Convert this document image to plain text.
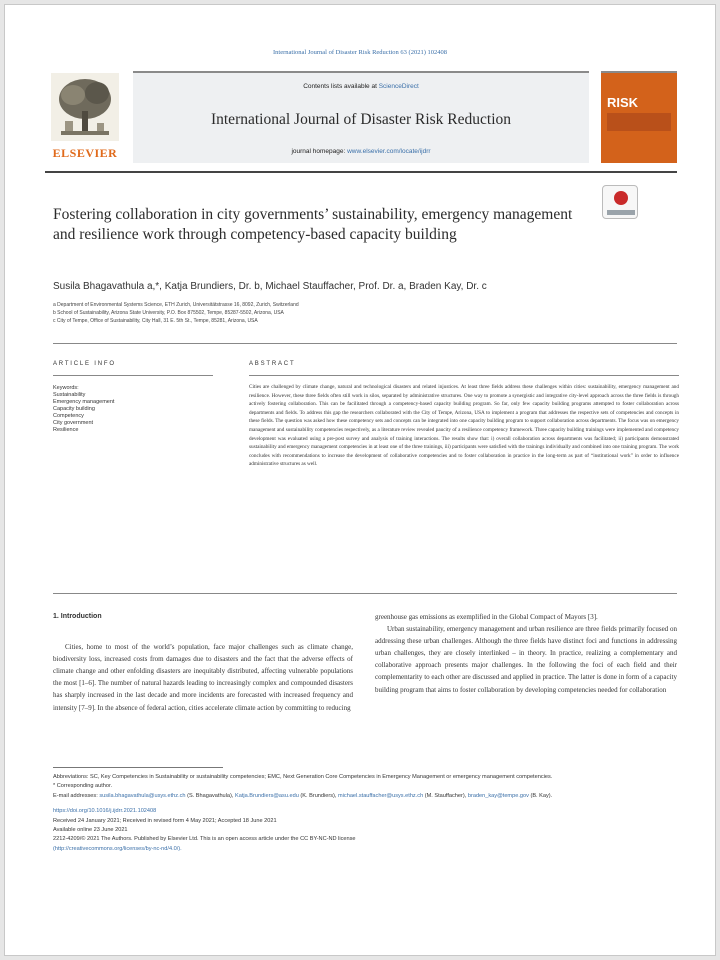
International Journal of Disaster Risk Reduction 63 (2021) 102408
ELSEVIER
Contents lists available at ScienceDirect
International Journal of Disaster Risk Reduction
journal homepage: www.elsevier.com/locate/ijdrr
RISK
Fostering collaboration in city governments’ sustainability, emergency management and resilience work through competency-based capacity building
Susila Bhagavathula a,*, Katja Brundiers, Dr. b, Michael Stauffacher, Prof. Dr. a, Braden Kay, Dr. c
a Department of Environmental Systems Science, ETH Zurich, Universitätstrasse 16, 8092, Zurich, Switzerland
b School of Sustainability, Arizona State University, P.O. Box 875502, Tempe, 85287-5502, Arizona, USA
c City of Tempe, Office of Sustainability, City Hall, 31 E. 5th St., Tempe, 85281, Arizona, USA
ARTICLE INFO	ABSTRACT
Keywords:
Sustainability
Emergency management
Capacity building
Competency
City government
Resilience
Cities are challenged by climate change, natural and technological disasters and related injustices. At least three fields address these challenges within cities: sustainability, emergency management and resilience. However, these three fields often still work in silos, separated by administrative structures. One way to promote a synergistic and integrative city-level approach across the three fields is through actively fostering collaboration. This can be facilitated through a competency-based capacity building program. So far, only few capacity building programs attempted to foster collaboration across departments and fields. To address this gap the researchers collaborated with the City of Tempe, Arizona, USA to implement a program that addresses the respective sets of competencies and concepts in these fields. The question was asked how these competency sets and concepts can be integrated into one capacity building program to support collaboration across departments. The focus was on emergency management and sustainability competencies respectively, as a literature review revealed paucity of a resilience competency framework. Three capacity building trainings were implemented and competency development was evaluated using a pre-post survey and analysis of training interactions. The results show that: i) overall collaboration across departments was facilitated; ii) participants demonstrated sustainability and emergency management competencies in at least one of the three trainings, iii) participants were satisfied with the trainings individually and combined into one training program. The work concludes with recommendations to increase the development of collaborative competencies and to foster collaboration in practice in the long-term as part of “institutional work” in order to influence administrative structures as well.
1. Introduction
Cities, home to most of the world’s population, face major challenges such as climate change, biodiversity loss, increased costs from damages due to disasters and the fact that the adverse effects of climate change and other enfolding disasters are inequitably distributed, affecting vulnerable populations the most [1–6]. The number of natural hazards leading to increasingly complex and compounded disasters has sharply increased in the last decade and more incidents are forecasted with increased frequency and intensity [7–9]. In the absence of federal action, cities accelerate climate action by committing to reducing
greenhouse gas emissions as exemplified in the Global Compact of Mayors [3].
Urban sustainability, emergency management and urban resilience are three fields primarily focused on addressing these urban challenges. Although the three fields have distinct foci and functions in addressing urban challenges, they are closely interlinked – in theory. In practice, realizing a complementary and collaborative approach presents major challenges. In the following the foci of each field and their complementarity to each other are discussed and applied in practice. The latter is done in form of a capacity building program that aims to foster collaboration by developing competencies needed for collaboration
Abbreviations: SC, Key Competencies in Sustainability or sustainability competencies; EMC, Next Generation Core Competencies in Emergency Management or emergency management competencies.
* Corresponding author.
E-mail addresses: susila.bhagavathula@usys.ethz.ch (S. Bhagavathula), Katja.Brundiers@asu.edu (K. Brundiers), michael.stauffacher@usys.ethz.ch (M. Stauffacher), braden_kay@tempe.gov (B. Kay).
https://doi.org/10.1016/j.ijdrr.2021.102408
Received 24 January 2021; Received in revised form 4 May 2021; Accepted 18 June 2021
Available online 23 June 2021
2212-4209/© 2021 The Authors. Published by Elsevier Ltd. This is an open access article under the CC BY-NC-ND license
(http://creativecommons.org/licenses/by-nc-nd/4.0/).
